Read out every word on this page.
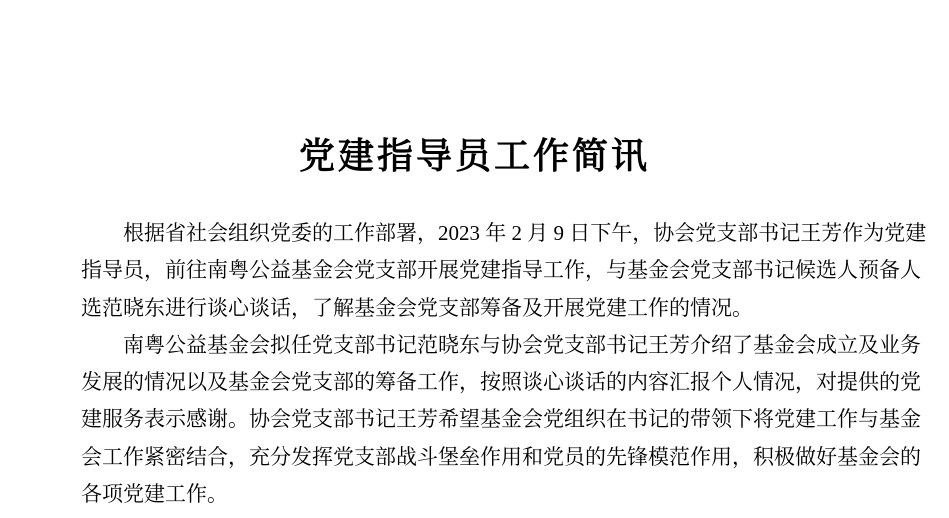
党建指导员工作简讯

根据省社会组织党委的工作部署，2023 年 2 月 9 日下午，协会党支部书记王芳作为党建

指导员，前往南粤公益基金会党支部开展党建指导工作，与基金会党支部书记候选人预备人

选范晓东进行谈心谈话，了解基金会党支部筹备及开展党建工作的情况。

南粤公益基金会拟任党支部书记范晓东与协会党支部书记王芳介绍了基金会成立及业务

发展的情况以及基金会党支部的筹备工作，按照谈心谈话的内容汇报个人情况，对提供的党

建服务表示感谢。协会党支部书记王芳希望基金会党组织在书记的带领下将党建工作与基金

会工作紧密结合，充分发挥党支部战斗堡垒作用和党员的先锋模范作用，积极做好基金会的

各项党建工作。
